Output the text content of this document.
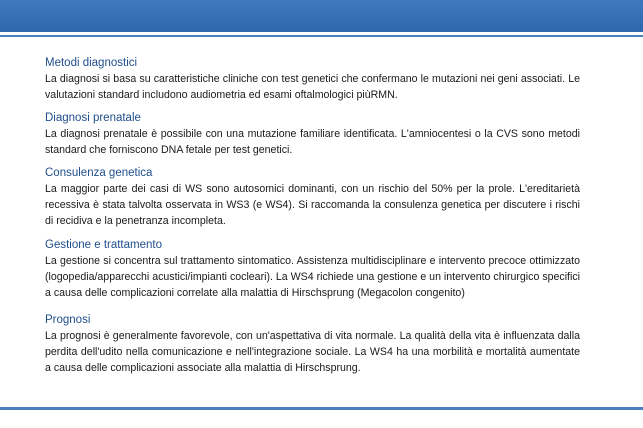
Metodi diagnostici

La diagnosi si basa su caratteristiche cliniche con test genetici che confermano le mutazioni nei geni associati. Le valutazioni standard includono audiometria ed esami oftalmologici piùRMN.

Diagnosi prenatale

La diagnosi prenatale è possibile con una mutazione familiare identificata. L'amniocentesi o la CVS sono metodi standard che forniscono DNA fetale per test genetici.

Consulenza genetica

La maggior parte dei casi di WS sono autosomici dominanti, con un rischio del 50% per la prole. L'ereditarietà recessiva è stata talvolta osservata in WS3 (e WS4). Si raccomanda la consulenza genetica per discutere i rischi di recidiva e la penetranza incompleta.

Gestione e trattamento

La gestione si concentra sul trattamento sintomatico. Assistenza multidisciplinare e intervento precoce ottimizzato (logopedia/apparecchi acustici/impianti cocleari). La WS4 richiede una gestione e un intervento chirurgico specifici a causa delle complicazioni correlate alla malattia di Hirschsprung (Megacolon congenito)

Prognosi

La prognosi è generalmente favorevole, con un'aspettativa di vita normale. La qualità della vita è influenzata dalla perdita dell'udito nella comunicazione e nell'integrazione sociale. La WS4 ha una morbilità e mortalità aumentate a causa delle complicazioni associate alla malattia di Hirschsprung.
